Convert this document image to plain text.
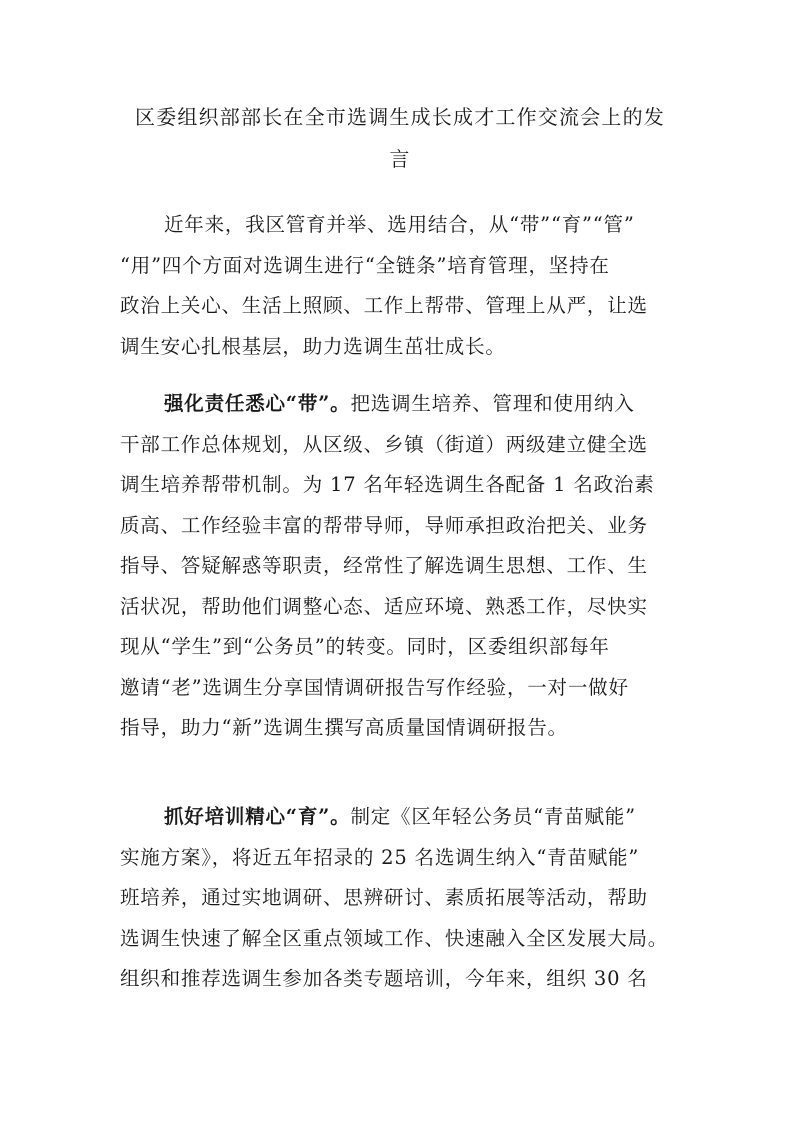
区委组织部部长在全市选调生成长成才工作交流会上的发
言

近年来，我区管育并举、选用结合，从“带”“育”“管”
“用”四个方面对选调生进行“全链条”培育管理，坚持在
政治上关心、生活上照顾、工作上帮带、管理上从严，让选
调生安心扎根基层，助力选调生茁壮成长。

强化责任悉心“带”。把选调生培养、管理和使用纳入
干部工作总体规划，从区级、乡镇（街道）两级建立健全选
调生培养帮带机制。为 17 名年轻选调生各配备 1 名政治素
质高、工作经验丰富的帮带导师，导师承担政治把关、业务
指导、答疑解惑等职责，经常性了解选调生思想、工作、生
活状况，帮助他们调整心态、适应环境、熟悉工作，尽快实
现从“学生”到“公务员”的转变。同时，区委组织部每年
邀请“老”选调生分享国情调研报告写作经验，一对一做好
指导，助力“新”选调生撰写高质量国情调研报告。

抓好培训精心“育”。制定《区年轻公务员“青苗赋能”
实施方案》，将近五年招录的 25 名选调生纳入“青苗赋能”
班培养，通过实地调研、思辨研讨、素质拓展等活动，帮助
选调生快速了解全区重点领域工作、快速融入全区发展大局。
组织和推荐选调生参加各类专题培训，今年来，组织 30 名
